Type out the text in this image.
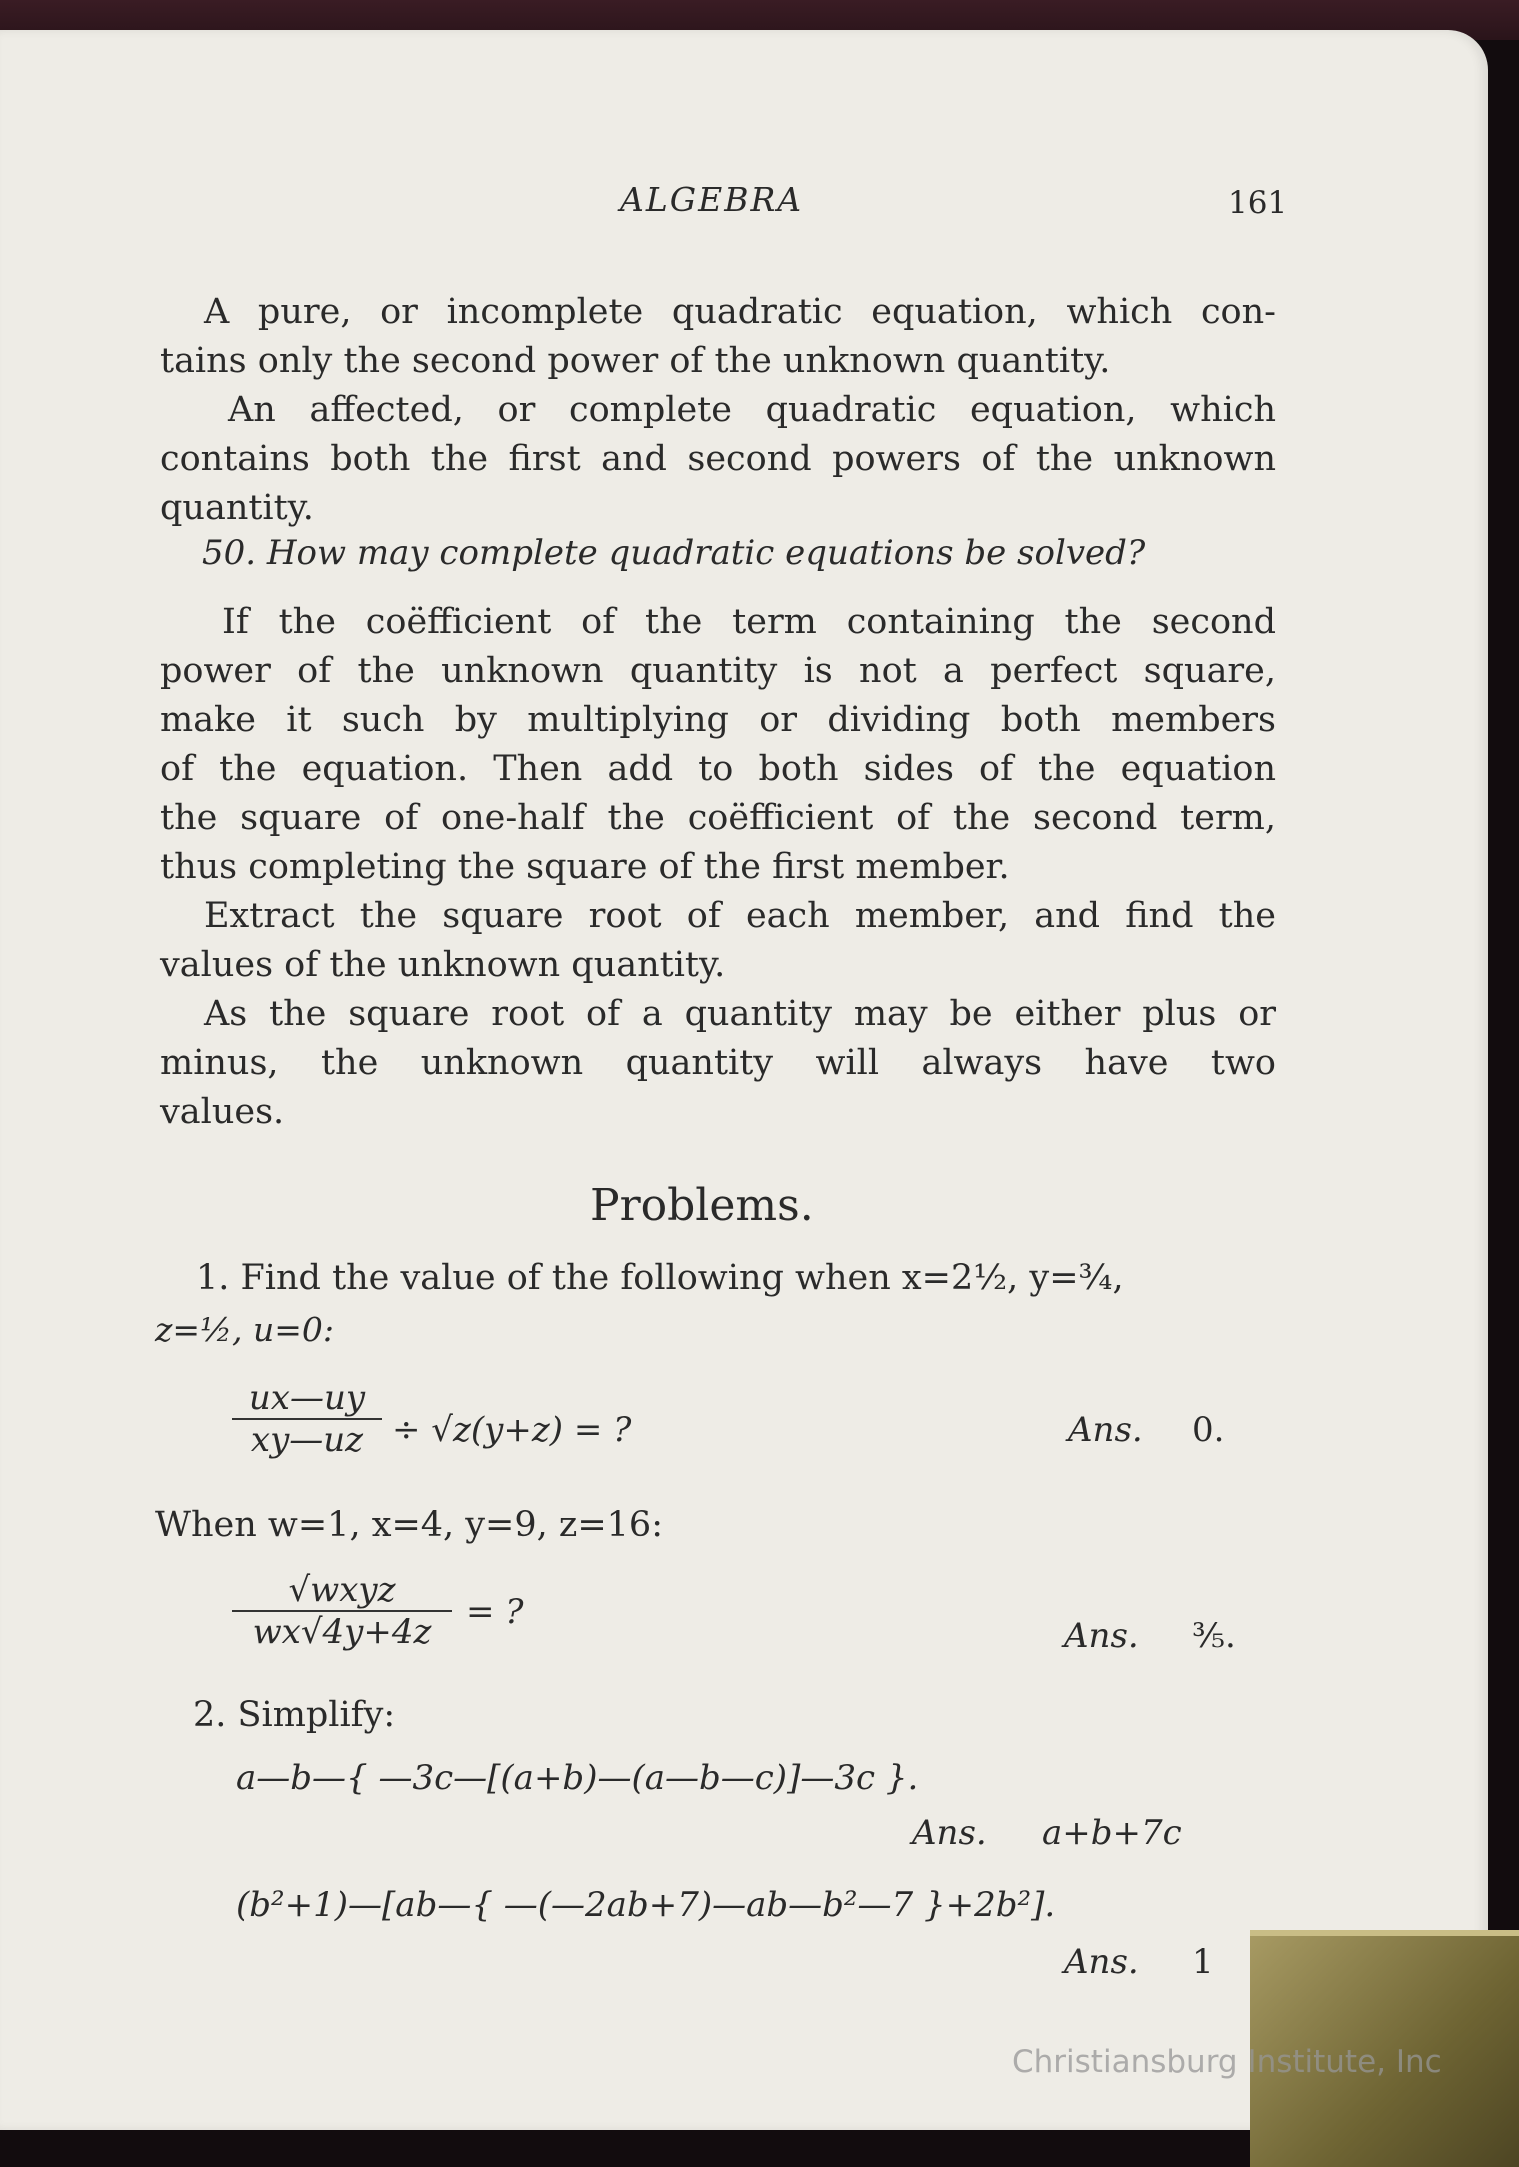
ALGEBRA	161
A pure, or incomplete quadratic equation, which con-
tains only the second power of the unknown quantity.
An affected, or complete quadratic equation, which
contains both the first and second powers of the unknown
quantity.
50. How may complete quadratic equations be solved?
If the coëfficient of the term containing the second
power of the unknown quantity is not a perfect square,
make it such by multiplying or dividing both members
of the equation. Then add to both sides of the equation
the square of one-half the coëfficient of the second term,
thus completing the square of the first member.
Extract the square root of each member, and find the
values of the unknown quantity.
As the square root of a quantity may be either plus or
minus, the unknown quantity will always have two
values.
Problems.
1. Find the value of the following when x=2½, y=¾,
z=½, u=0:
$\frac{ux—uy}{xy—uz} \div √z(y+z)$ = ?	Ans. 0.
When w=1, x=4, y=9, z=16:
√wxyz
wx√4y+4z	= ?
Ans. ⅗.
2. Simplify:
a—b—{ —3c—[(a+b)—(a—b—c)]—3c }.
Ans. a+b+7c
(b²+1)—[ab—{ —(—2ab+7)—ab—b²—7 }+2b²].
Ans. 1
Christiansburg Institute, Inc
